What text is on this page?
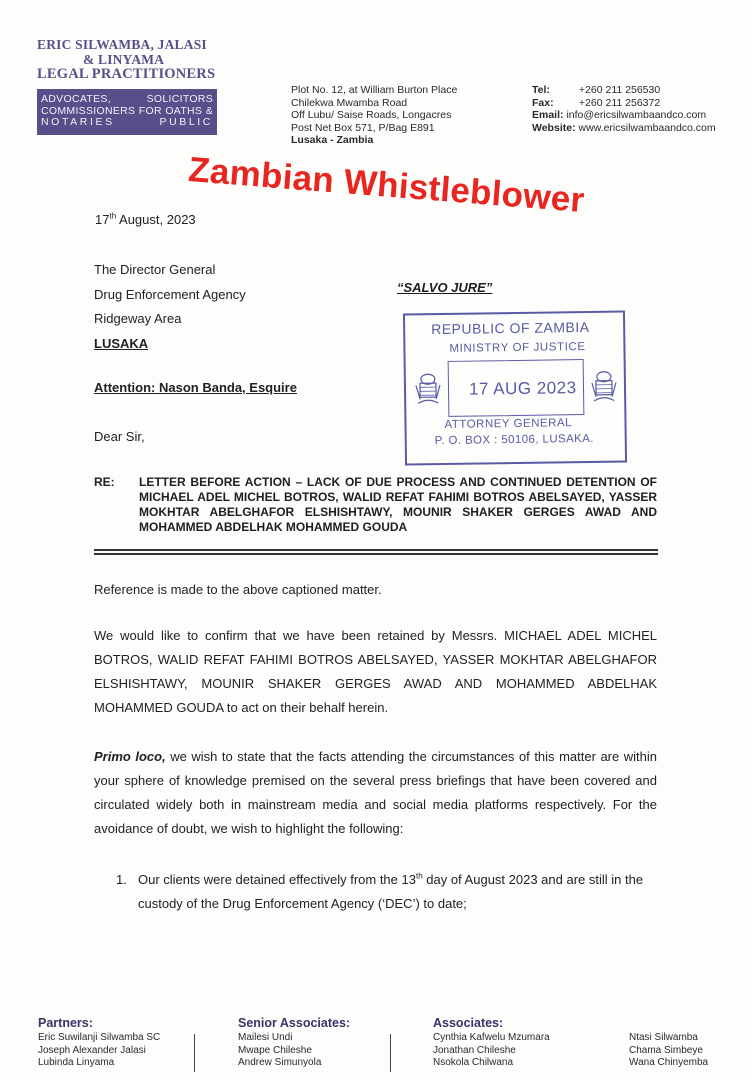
ERIC SILWAMBA, JALASI
& LINYAMA
LEGAL PRACTITIONERS
ADVOCATES, SOLICITORS
COMMISSIONERS FOR OATHS &
NOTARIES PUBLIC
Plot No. 12, at William Burton Place
Chilekwa Mwamba Road
Off Lubu/ Saise Roads, Longacres
Post Net Box 571, P/Bag E891
Lusaka - Zambia
Tel:	+260 211 256530
Fax: +260 211 256372
Email: info@ericsilwambaandco.com
Website: www.ericsilwambaandco.com
Zambian Whistleblower
17th August, 2023
The Director General
Drug Enforcement Agency
Ridgeway Area
LUSAKA
“SALVO JURE”
REPUBLIC OF ZAMBIA
MINISTRY OF JUSTICE
17 AUG 2023
ATTORNEY GENERAL
P. O. BOX : 50106, LUSAKA.
Attention: Nason Banda, Esquire
Dear Sir,
RE: LETTER BEFORE ACTION – LACK OF DUE PROCESS AND CONTINUED DETENTION OF MICHAEL ADEL MICHEL BOTROS, WALID REFAT FAHIMI BOTROS ABELSAYED, YASSER MOKHTAR ABELGHAFOR ELSHISHTAWY, MOUNIR SHAKER GERGES AWAD AND MOHAMMED ABDELHAK MOHAMMED GOUDA
Reference is made to the above captioned matter.
We would like to confirm that we have been retained by Messrs. MICHAEL ADEL MICHEL BOTROS, WALID REFAT FAHIMI BOTROS ABELSAYED, YASSER MOKHTAR ABELGHAFOR ELSHISHTAWY, MOUNIR SHAKER GERGES AWAD AND MOHAMMED ABDELHAK MOHAMMED GOUDA to act on their behalf herein.
Primo loco, we wish to state that the facts attending the circumstances of this matter are within your sphere of knowledge premised on the several press briefings that have been covered and circulated widely both in mainstream media and social media platforms respectively. For the avoidance of doubt, we wish to highlight the following:
1. Our clients were detained effectively from the 13th day of August 2023 and are still in the custody of the Drug Enforcement Agency (‘DEC’) to date;
Partners:
Eric Suwilanji Silwamba SC
Joseph Alexander Jalasi
Lubinda Linyama
Senior Associates:
Mailesi Undi
Mwape Chileshe
Andrew Simunyola
Associates:
Cynthia Kafwelu Mzumara
Jonathan Chileshe
Nsokola Chilwana
Ntasi Silwamba
Chama Simbeye
Wana Chinyemba
